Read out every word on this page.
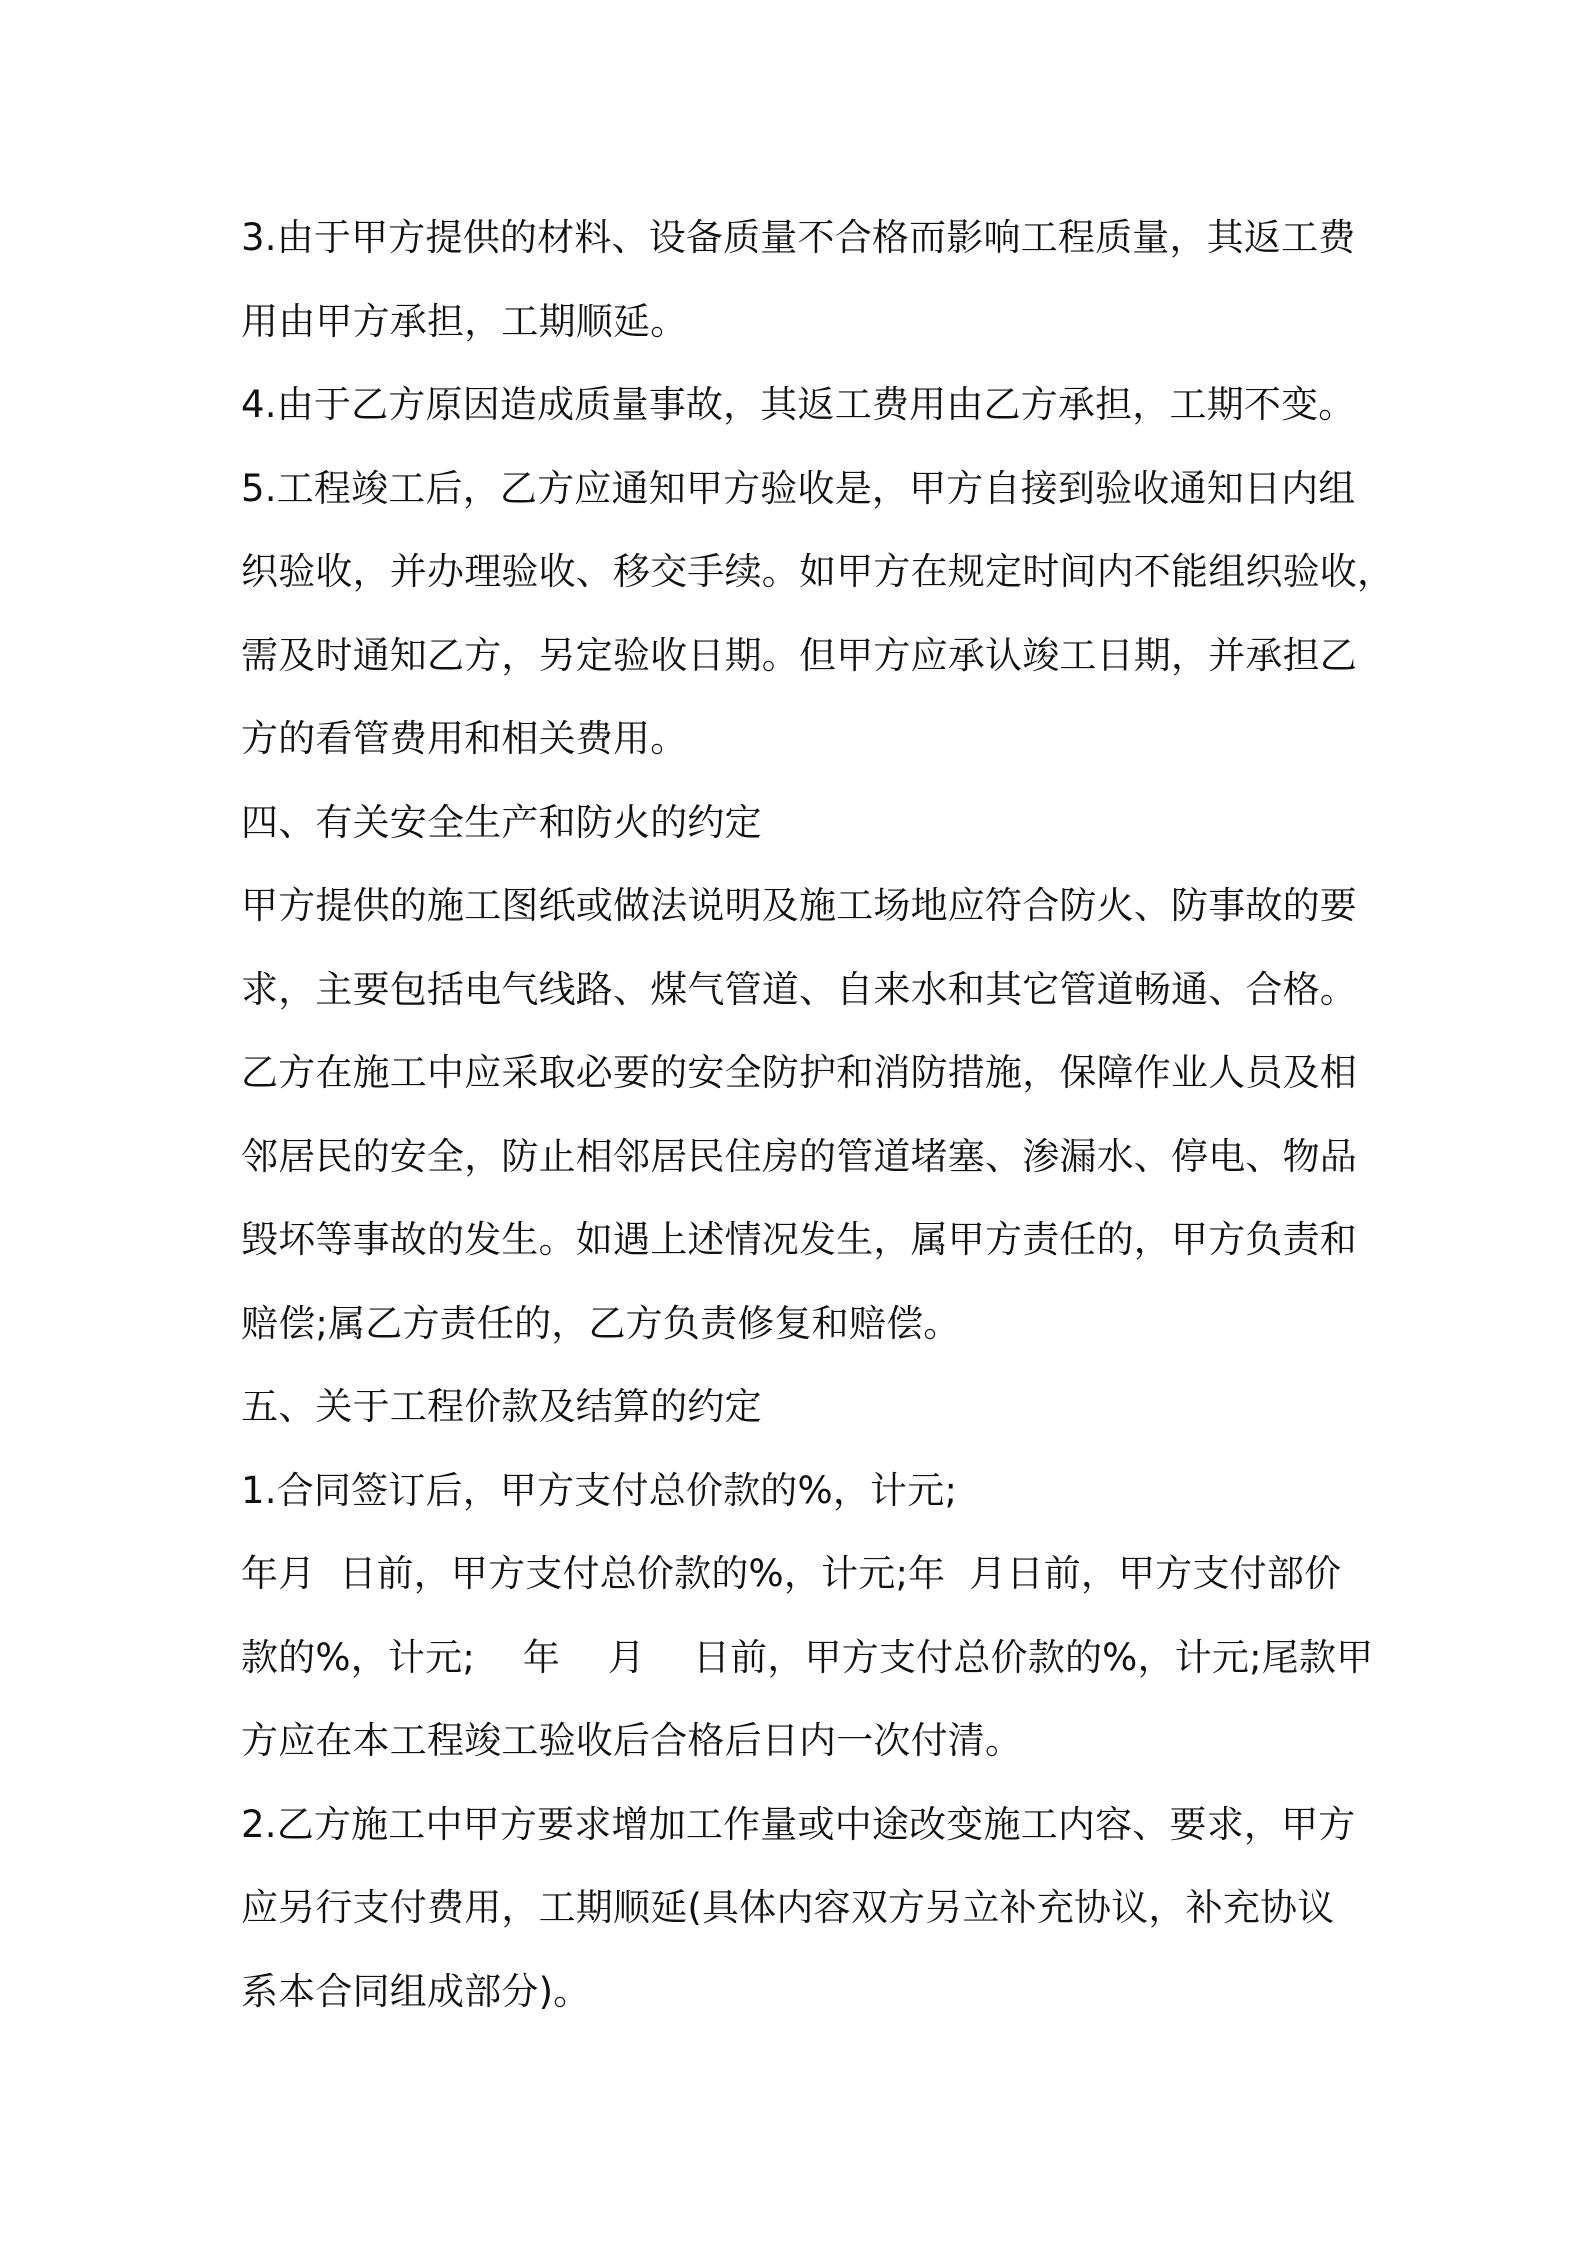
3.由于甲方提供的材料、设备质量不合格而影响工程质量，其返工费
用由甲方承担，工期顺延。
4.由于乙方原因造成质量事故，其返工费用由乙方承担，工期不变。
5.工程竣工后，乙方应通知甲方验收是，甲方自接到验收通知日内组
织验收，并办理验收、移交手续。如甲方在规定时间内不能组织验收，
需及时通知乙方，另定验收日期。但甲方应承认竣工日期，并承担乙
方的看管费用和相关费用。
四、有关安全生产和防火的约定
甲方提供的施工图纸或做法说明及施工场地应符合防火、防事故的要
求，主要包括电气线路、煤气管道、自来水和其它管道畅通、合格。
乙方在施工中应采取必要的安全防护和消防措施，保障作业人员及相
邻居民的安全，防止相邻居民住房的管道堵塞、渗漏水、停电、物品
毁坏等事故的发生。如遇上述情况发生，属甲方责任的，甲方负责和
赔偿;属乙方责任的，乙方负责修复和赔偿。
五、关于工程价款及结算的约定
1.合同签订后，甲方支付总价款的%，计元;
年月  日前，甲方支付总价款的%，计元;年  月日前，甲方支付部价
款的%，计元;    年    月    日前，甲方支付总价款的%，计元;尾款甲
方应在本工程竣工验收后合格后日内一次付清。
2.乙方施工中甲方要求增加工作量或中途改变施工内容、要求，甲方
应另行支付费用，工期顺延(具体内容双方另立补充协议，补充协议
系本合同组成部分)。
